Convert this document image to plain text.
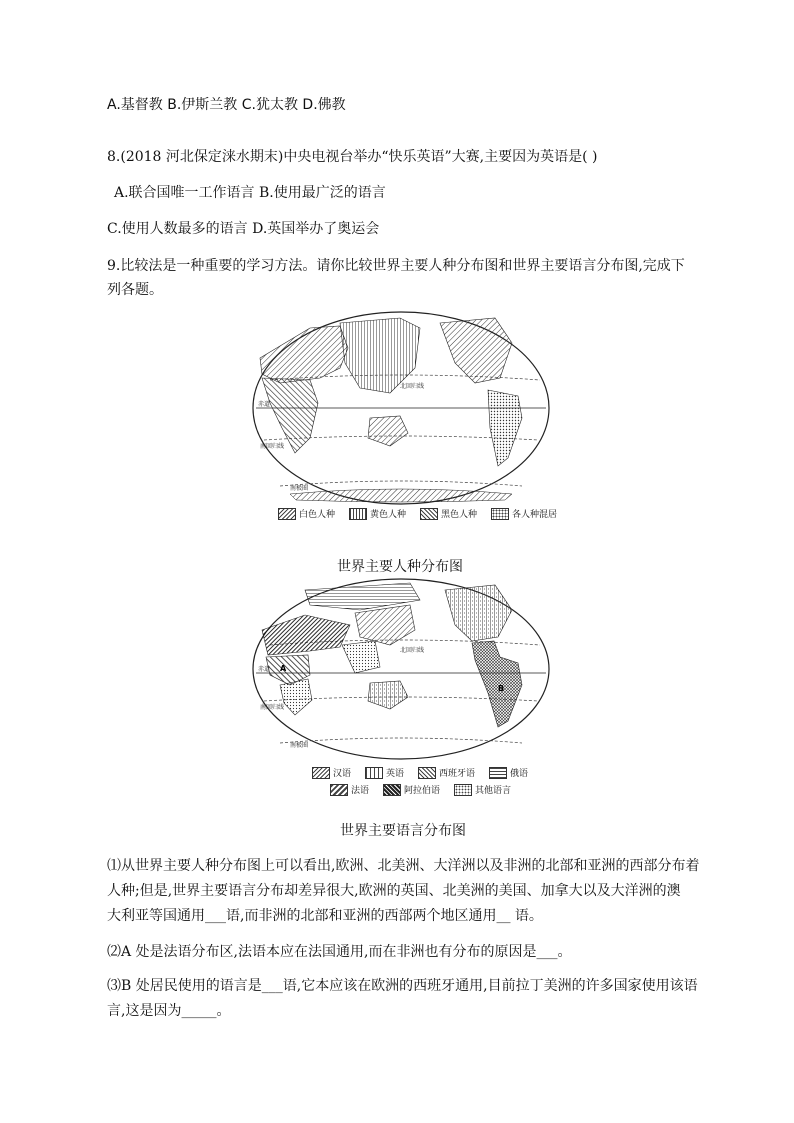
A.基督教 B.伊斯兰教 C.犹太教 D.佛教
8.(2018 河北保定涞水期末)中央电视台举办“快乐英语”大赛,主要因为英语是( )
A.联合国唯一工作语言 B.使用最广泛的语言
C.使用人数最多的语言 D.英国举办了奥运会
9.比较法是一种重要的学习方法。请你比较世界主要人种分布图和世界主要语言分布图,完成下
列各题。
北回归线
赤道
南回归线
南极圈
白色人种	黄色人种	黑色人种	各人种混居
世界主要人种分布图
北回归线
赤道
南回归线
南极圈
A
B
汉语	英语	西班牙语	俄语
法语	阿拉伯语	其他语言
世界主要语言分布图
⑴从世界主要人种分布图上可以看出,欧洲、北美洲、大洋洲以及非洲的北部和亚洲的西部分布着
人种;但是,世界主要语言分布却差异很大,欧洲的英国、北美洲的美国、加拿大以及大洋洲的澳
大利亚等国通用___语,而非洲的北部和亚洲的西部两个地区通用__ 语。
⑵A 处是法语分布区,法语本应在法国通用,而在非洲也有分布的原因是___。
⑶B 处居民使用的语言是___语,它本应该在欧洲的西班牙通用,目前拉丁美洲的许多国家使用该语
言,这是因为_____。
